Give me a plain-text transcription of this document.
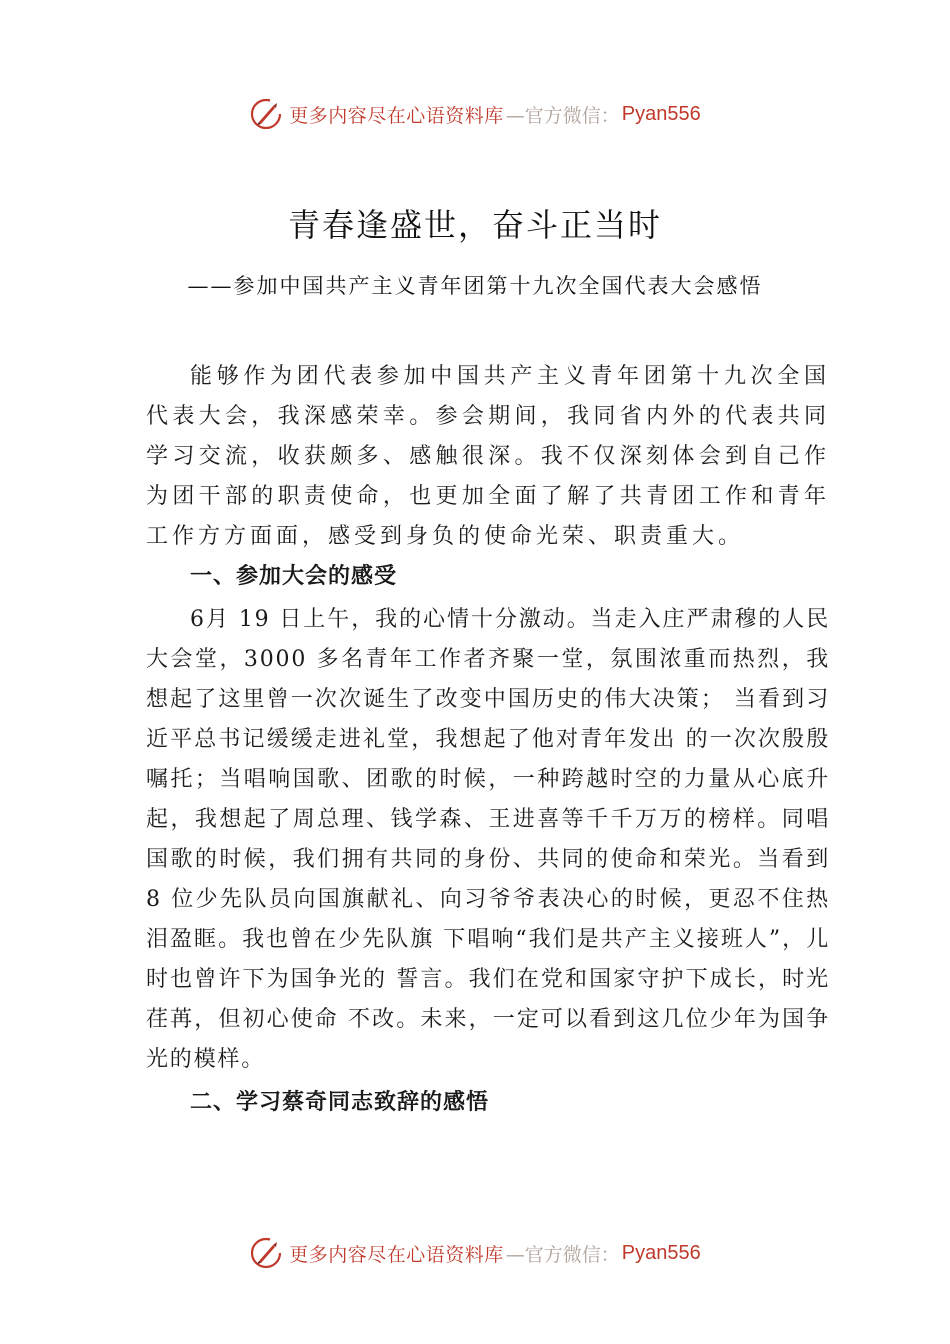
更多内容尽在心语资料库 —官方微信： Pyan556
青春逢盛世，奋斗正当时
——参加中国共产主义青年团第十九次全国代表大会感悟

能够作为团代表参加中国共产主义青年团第十九次全国代表大会，我深感荣幸。参会期间，我同省内外的代表共同学习交流，收获颇多、感触很深。我不仅深刻体会到自己作为团干部的职责使命，也更加全面了解了共青团工作和青年工作方方面面，感受到身负的使命光荣、职责重大。

一、参加大会的感受

6月 19 日上午，我的心情十分激动。当走入庄严肃穆的人民大会堂，3000 多名青年工作者齐聚一堂，氛围浓重而热烈，我想起了这里曾一次次诞生了改变中国历史的伟大决策； 当看到习近平总书记缓缓走进礼堂，我想起了他对青年发出 的一次次殷殷嘱托；当唱响国歌、团歌的时候，一种跨越时空的力量从心底升起，我想起了周总理、钱学森、王进喜等千千万万的榜样。同唱国歌的时候，我们拥有共同的身份、共同的使命和荣光。当看到 8 位少先队员向国旗献礼、向习爷爷表决心的时候，更忍不住热泪盈眶。我也曾在少先队旗 下唱响“我们是共产主义接班人”，儿时也曾许下为国争光的 誓言。我们在党和国家守护下成长，时光荏苒，但初心使命 不改。未来，一定可以看到这几位少年为国争光的模样。

二、学习蔡奇同志致辞的感悟

更多内容尽在心语资料库 —官方微信： Pyan556
